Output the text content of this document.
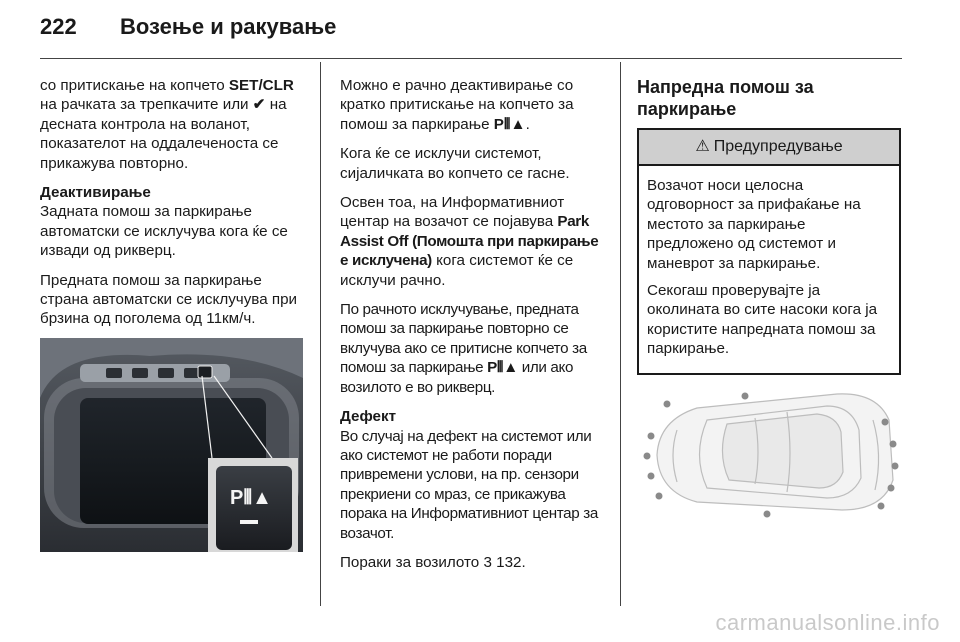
222	Возење и ракување

со притискање на копчето SET/CLR на рачката за трепкачите или ✔ на десната контрола на воланот, показателот на оддалеченоста се прикажува повторно.

Деактивирање
Задната помош за паркирање автоматски се исклучува кога ќе се извади од рикверц.

Предната помош за паркирање страна автоматски се исклучува при брзина од поголема од 11км/ч.

P⦀▲

Можно е рачно деактивирање со кратко притискање на копчето за помош за паркирање P⦀▲.

Кога ќе се исклучи системот, сијаличката во копчето се гасне.

Освен тоа, на Информативниот центар на возачот се појавува Park Assist Off (Помошта при паркирање е исклучена) кога системот ќе се исклучи рачно.

По рачното исклучување, предната помош за паркирање повторно се вклучува ако се притисне копчето за помош за паркирање P⦀▲ или ако возилото е во рикверц.

Дефект
Во случај на дефект на системот или ако системот не работи поради привремени услови, на пр. сензори прекриени со мраз, се прикажува порака на Информативниот центар за возачот.

Пораки за возилото 3 132.

Напредна помош за паркирање
⚠ Предупредување

Возачот носи целосна одговорност за прифаќање на местото за паркирање предложено од системот и маневрот за паркирање.

Секогаш проверувајте ја околината во сите насоки кога ја користите напредната помош за паркирање.

carmanualsonline.info
